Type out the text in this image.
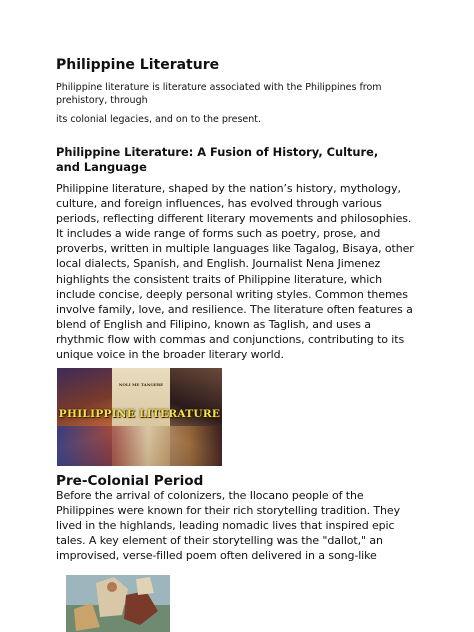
Philippine Literature

Philippine literature is literature associated with the Philippines from prehistory, through

its colonial legacies, and on to the present.

Philippine Literature: A Fusion of History, Culture, and Language

Philippine literature, shaped by the nation’s history, mythology, culture, and foreign influences, has evolved through various periods, reflecting different literary movements and philosophies. It includes a wide range of forms such as poetry, prose, and proverbs, written in multiple languages like Tagalog, Bisaya, other local dialects, Spanish, and English. Journalist Nena Jimenez highlights the consistent traits of Philippine literature, which include concise, deeply personal writing styles. Common themes involve family, love, and resilience. The literature often features a blend of English and Filipino, known as Taglish, and uses a rhythmic flow with commas and conjunctions, contributing to its unique voice in the broader literary world.

Pre-Colonial Period

Before the arrival of colonizers, the Ilocano people of the Philippines were known for their rich storytelling tradition. They lived in the highlands, leading nomadic lives that inspired epic tales. A key element of their storytelling was the "dallot," an improvised, verse-filled poem often delivered in a song-like

NOLI ME TANGERE
PHILIPPINE LITERATURE
